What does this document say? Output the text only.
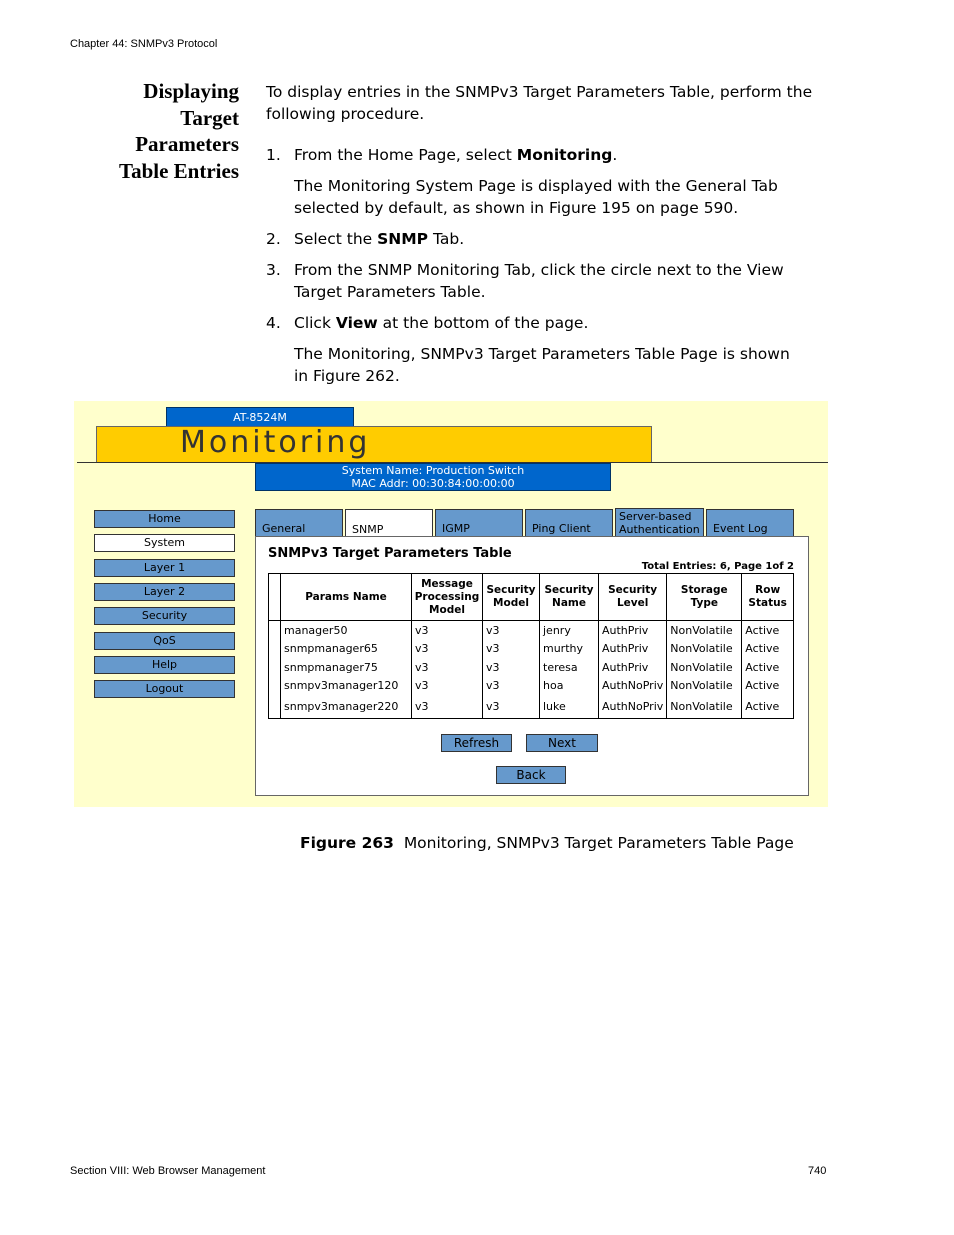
Chapter 44: SNMPv3 Protocol
Displaying
Target
Parameters
Table Entries
To display entries in the SNMPv3 Target Parameters Table, perform the following procedure.
1. From the Home Page, select Monitoring.
The Monitoring System Page is displayed with the General Tab selected by default, as shown in Figure 195 on page 590.
2. Select the SNMP Tab.
3. From the SNMP Monitoring Tab, click the circle next to the View
Target Parameters Table.
4. Click View at the bottom of the page.
The Monitoring, SNMPv3 Target Parameters Table Page is shown in Figure 262.
AT-8524M
Monitoring
System Name: Production Switch
MAC Addr: 00:30:84:00:00:00
Home
System
Layer 1
Layer 2
Security
QoS
Help
Logout
General	SNMP	IGMP	Ping Client
Server-based Authentication Event Log
SNMPv3 Target Parameters Table
Total Entries: 6, Page 1of 2
	Params Name	Message Processing Model	Security Model	Security Name	Security Level	Storage Type	Row Status
	manager50	v3	v3	jenry	AuthPriv	NonVolatile	Active
	snmpmanager65	v3	v3	murthy	AuthPriv	NonVolatile	Active
	snmpmanager75	v3	v3	teresa	AuthPriv	NonVolatile	Active
	snmpv3manager120	v3	v3	hoa	AuthNoPriv	NonVolatile	Active
	snmpv3manager220	v3	v3	luke	AuthNoPriv	NonVolatile	Active
Refresh	Next
Back
Figure 263 Monitoring, SNMPv3 Target Parameters Table Page
Section VIII: Web Browser Management	740
